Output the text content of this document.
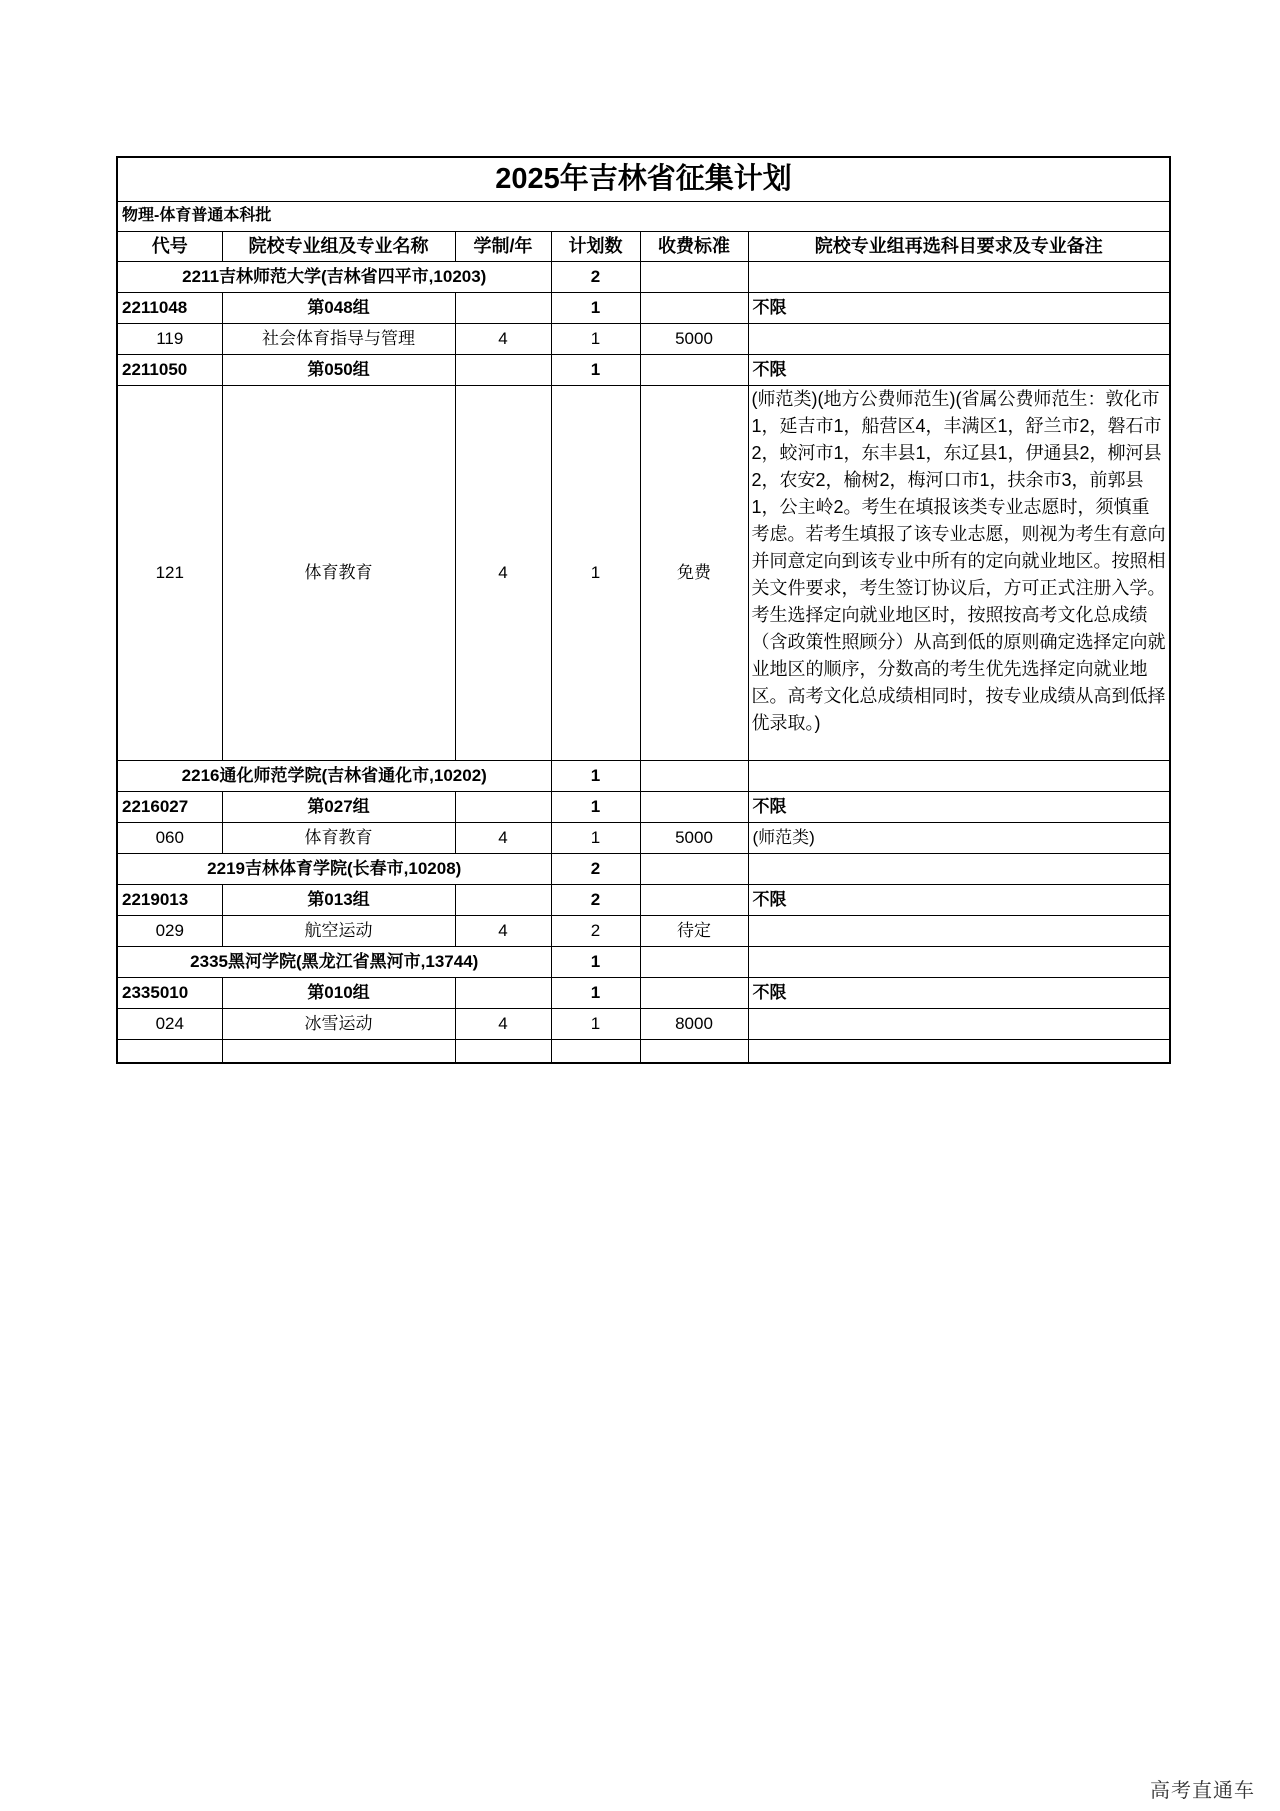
2025年吉林省征集计划					
物理-体育普通本科批					
代号	院校专业组及专业名称	学制/年	计划数	收费标准	院校专业组再选科目要求及专业备注
2211吉林师范大学(吉林省四平市,10203)			2		
2211048	第048组		1		不限
119	社会体育指导与管理	4	1	5000	
2211050	第050组		1		不限
121	体育教育	4	1	免费	(师范类)(地方公费师范生)(省属公费师范生：敦化市1，延吉市1，船营区4，丰满区1，舒兰市2，磐石市2，蛟河市1，东丰县1，东辽县1，伊通县2，柳河县2，农安2，榆树2，梅河口市1，扶余市3，前郭县1，公主岭2。考生在填报该类专业志愿时，须慎重考虑。若考生填报了该专业志愿，则视为考生有意向并同意定向到该专业中所有的定向就业地区。按照相关文件要求，考生签订协议后，方可正式注册入学。

考生选择定向就业地区时，按照按高考文化总成绩（含政策性照顾分）从高到低的原则确定选择定向就业地区的顺序，分数高的考生优先选择定向就业地区。高考文化总成绩相同时，按专业成绩从高到低择优录取。)

2216通化师范学院(吉林省通化市,10202)			1		
2216027	第027组		1		不限
060	体育教育	4	1	5000	(师范类)
2219吉林体育学院(长春市,10208)			2		
2219013	第013组		2		不限
029	航空运动	4	2	待定	
2335黑河学院(黑龙江省黑河市,13744)			1		
2335010	第010组		1		不限
024	冰雪运动	4	1	8000	

高考直通车
